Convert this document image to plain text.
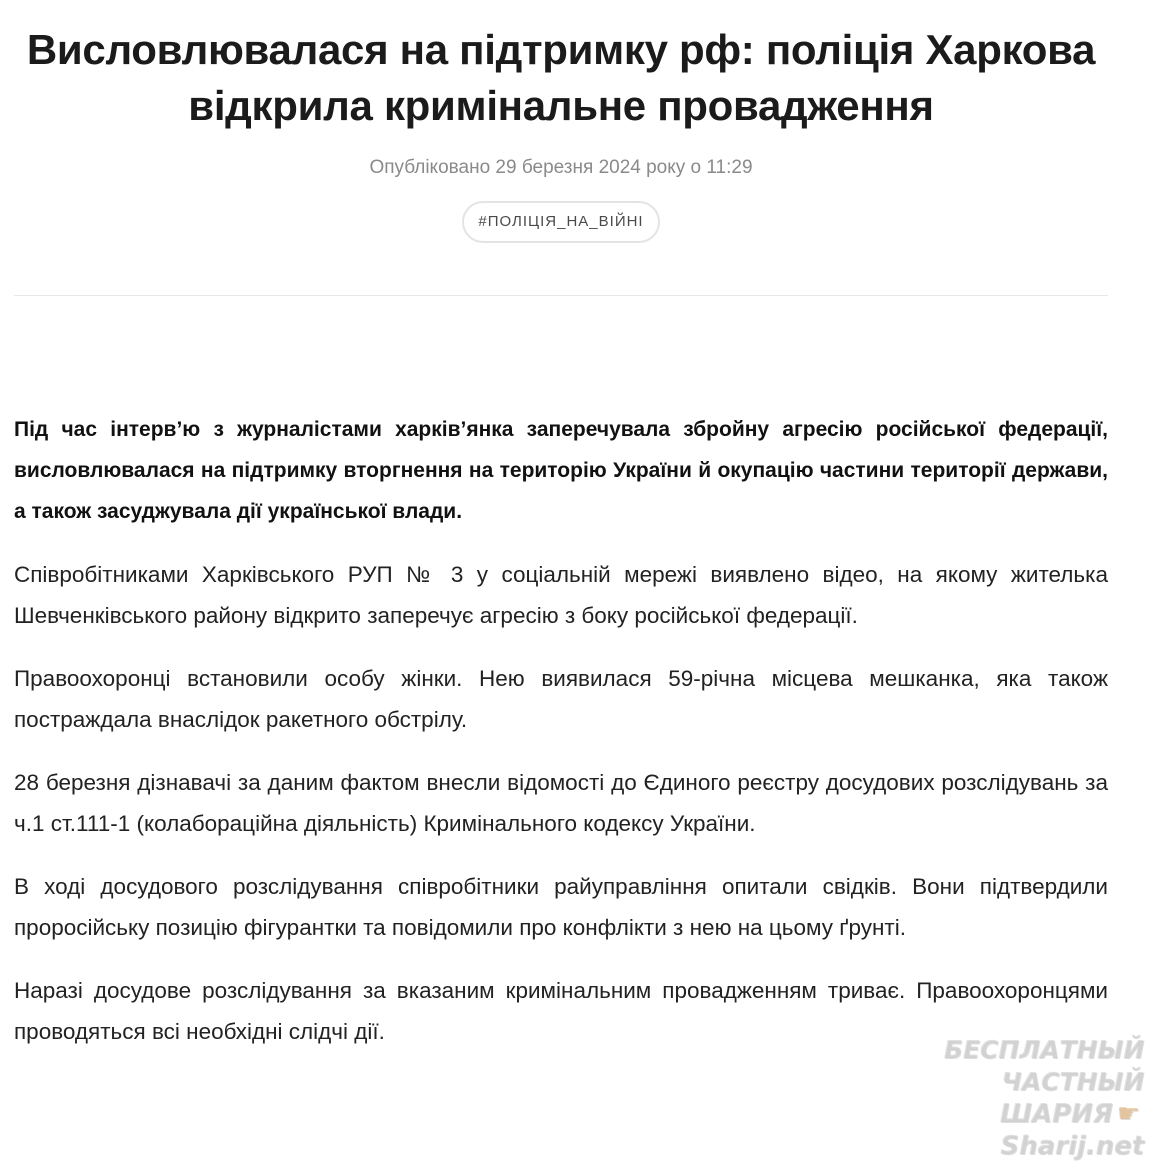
Висловлювалася на підтримку рф: поліція Харкова відкрила кримінальне провадження
Опубліковано 29 березня 2024 року о 11:29
#ПОЛІЦІЯ_НА_ВІЙНІ

Під час інтерв’ю з журналістами харків’янка заперечувала збройну агресію російської федерації, висловлювалася на підтримку вторгнення на територію України й окупацію частини території держави, а також засуджувала дії української влади.

Співробітниками Харківського РУП № 3 у соціальній мережі виявлено відео, на якому жителька Шевченківського району відкрито заперечує агресію з боку російської федерації.

Правоохоронці встановили особу жінки. Нею виявилася 59-річна місцева мешканка, яка також постраждала внаслідок ракетного обстрілу.

28 березня дізнавачі за даним фактом внесли відомості до Єдиного реєстру досудових розслідувань за ч.1 ст.111-1 (колабораційна діяльність) Кримінального кодексу України.

В ході досудового розслідування співробітники райуправління опитали свідків. Вони підтвердили проросійську позицію фігурантки та повідомили про конфлікти з нею на цьому ґрунті.

Наразі досудове розслідування за вказаним кримінальним провадженням триває. Правоохоронцями проводяться всі необхідні слідчі дії.

БЕСПЛАТНЫЙ ЧАСТНЫЙ
ШАРИЯ ☛Sharij.net
